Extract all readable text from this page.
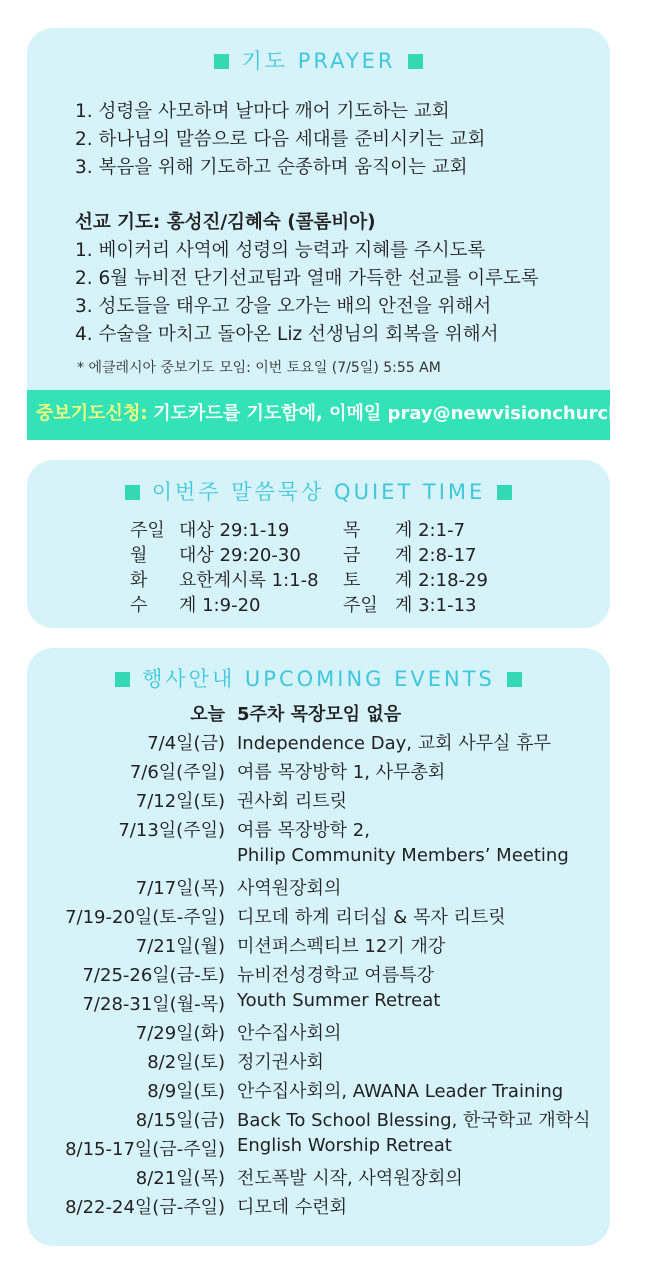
기도 PRAYER
1. 성령을 사모하며 날마다 깨어 기도하는 교회
2. 하나님의 말씀으로 다음 세대를 준비시키는 교회
3. 복음을 위해 기도하고 순종하며 움직이는 교회
선교 기도: 홍성진/김혜숙 (콜롬비아)
1. 베이커리 사역에 성령의 능력과 지혜를 주시도록
2. 6월 뉴비전 단기선교팀과 열매 가득한 선교를 이루도록
3. 성도들을 태우고 강을 오가는 배의 안전을 위해서
4. 수술을 마치고 돌아온 Liz 선생님의 회복을 위해서
* 에클레시아 중보기도 모임: 이번 토요일 (7/5일) 5:55 AM
중보기도신청: 기도카드를 기도함에, 이메일 pray@newvisionchurch.org
이번주 말씀묵상 QUIET TIME
주일 대상 29:1-19
월 대상 29:20-30
화 요한계시록 1:1-8
수 계 1:9-20
목 계 2:1-7
금 계 2:8-17
토 계 2:18-29
주일 계 3:1-13
행사안내 UPCOMING EVENTS
오늘 5주차 목장모임 없음
7/4일(금) Independence Day, 교회 사무실 휴무
7/6일(주일) 여름 목장방학 1, 사무총회
7/12일(토) 권사회 리트릿
7/13일(주일) 여름 목장방학 2,
Philip Community Members’ Meeting
7/17일(목) 사역원장회의
7/19-20일(토-주일) 디모데 하계 리더십 & 목자 리트릿
7/21일(월) 미션퍼스펙티브 12기 개강
7/25-26일(금-토) 뉴비전성경학교 여름특강
7/28-31일(월-목) Youth Summer Retreat
7/29일(화) 안수집사회의
8/2일(토) 정기권사회
8/9일(토) 안수집사회의, AWANA Leader Training
8/15일(금) Back To School Blessing, 한국학교 개학식
8/15-17일(금-주일) English Worship Retreat
8/21일(목) 전도폭발 시작, 사역원장회의
8/22-24일(금-주일) 디모데 수련회
